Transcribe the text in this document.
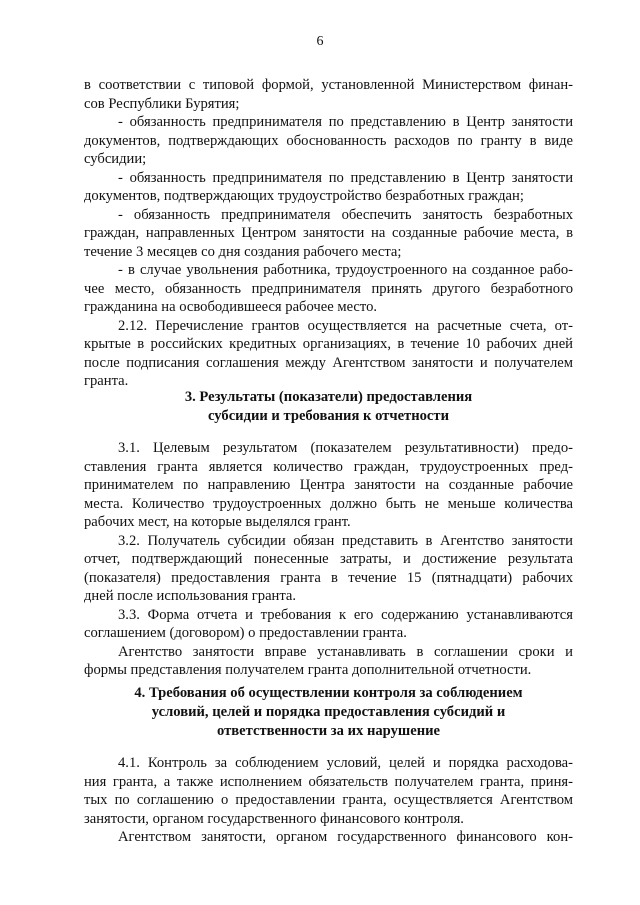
6

в соответствии с типовой формой, установленной Министерством финан-

сов Республики Бурятия;

- обязанность предпринимателя по представлению в Центр занятости

документов, подтверждающих обоснованность расходов по гранту в виде

субсидии;

- обязанность предпринимателя по представлению в Центр занятости

документов, подтверждающих трудоустройство безработных граждан;

- обязанность предпринимателя обеспечить занятость безработных

граждан, направленных Центром занятости на созданные рабочие места, в

течение 3 месяцев со дня создания рабочего места;

- в случае увольнения работника, трудоустроенного на созданное рабо-

чее место, обязанность предпринимателя принять другого безработного

гражданина на освободившееся рабочее место.

2.12. Перечисление грантов осуществляется на расчетные счета, от-

крытые в российских кредитных организациях, в течение 10 рабочих дней

после подписания соглашения между Агентством занятости и получателем

гранта.

3. Результаты (показатели) предоставления
субсидии и требования к отчетности

3.1. Целевым результатом (показателем результативности) предо-

ставления гранта является количество граждан, трудоустроенных пред-

принимателем по направлению Центра занятости на созданные рабочие

места. Количество трудоустроенных должно быть не меньше количества

рабочих мест, на которые выделялся грант.

3.2. Получатель субсидии обязан представить в Агентство занятости

отчет, подтверждающий понесенные затраты, и достижение результата

(показателя) предоставления гранта в течение 15 (пятнадцати) рабочих

дней после использования гранта.

3.3. Форма отчета и требования к его содержанию устанавливаются

соглашением (договором) о предоставлении гранта.

Агентство занятости вправе устанавливать в соглашении сроки и

формы представления получателем гранта дополнительной отчетности.

4. Требования об осуществлении контроля за соблюдением
условий, целей и порядка предоставления субсидий и
ответственности за их нарушение

4.1. Контроль за соблюдением условий, целей и порядка расходова-

ния гранта, а также исполнением обязательств получателем гранта, приня-

тых по соглашению о предоставлении гранта, осуществляется Агентством

занятости, органом государственного финансового контроля.

Агентством занятости, органом государственного финансового кон-
